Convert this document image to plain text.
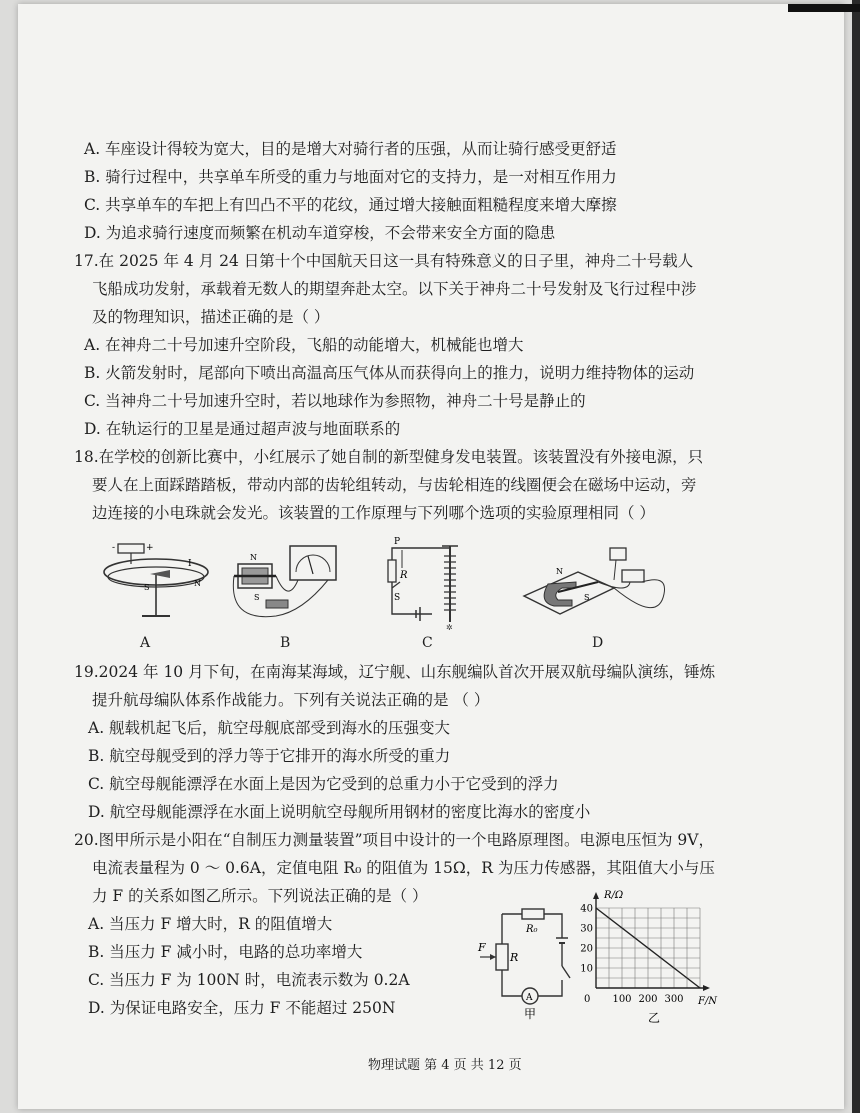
A. 车座设计得较为宽大，目的是增大对骑行者的压强，从而让骑行感受更舒适
B. 骑行过程中，共享单车所受的重力与地面对它的支持力，是一对相互作用力
C. 共享单车的车把上有凹凸不平的花纹，通过增大接触面粗糙程度来增大摩擦
D. 为追求骑行速度而频繁在机动车道穿梭，不会带来安全方面的隐患
17.在 2025 年 4 月 24 日第十个中国航天日这一具有特殊意义的日子里，神舟二十号载人
飞船成功发射，承载着无数人的期望奔赴太空。以下关于神舟二十号发射及飞行过程中涉
及的物理知识，描述正确的是（ ）
A. 在神舟二十号加速升空阶段，飞船的动能增大，机械能也增大
B. 火箭发射时，尾部向下喷出高温高压气体从而获得向上的推力，说明力维持物体的运动
C. 当神舟二十号加速升空时，若以地球作为参照物，神舟二十号是静止的
D. 在轨运行的卫星是通过超声波与地面联系的
18.在学校的创新比赛中，小红展示了她自制的新型健身发电装置。该装置没有外接电源，只
要人在上面踩踏踏板，带动内部的齿轮组转动，与齿轮相连的线圈便会在磁场中运动，旁
边连接的小电珠就会发光。该装置的工作原理与下列哪个选项的实验原理相同（ ）
-	+
I
S	N
N
S
✲
P
R
S
N
S
A	B	C	D
19.2024 年 10 月下旬，在南海某海域，辽宁舰、山东舰编队首次开展双航母编队演练，锤炼
提升航母编队体系作战能力。下列有关说法正确的是 （ ）
A. 舰载机起飞后，航空母舰底部受到海水的压强变大
B. 航空母舰受到的浮力等于它排开的海水所受的重力
C. 航空母舰能漂浮在水面上是因为它受到的总重力小于它受到的浮力
D. 航空母舰能漂浮在水面上说明航空母舰所用钢材的密度比海水的密度小
20.图甲所示是小阳在“自制压力测量装置”项目中设计的一个电路原理图。电源电压恒为 9V，
电流表量程为 0 ～ 0.6A，定值电阻 R₀ 的阻值为 15Ω，R 为压力传感器，其阻值大小与压
力 F 的关系如图乙所示。下列说法正确的是（ ）
A. 当压力 F 增大时，R 的阻值增大
B. 当压力 F 减小时，电路的总功率增大
C. 当压力 F 为 100N 时，电流表示数为 0.2A
D. 为保证电路安全，压力 F 不能超过 250N
R₀
R
F
A
甲
R/Ω
F/N
0 100 200 300
40
30
20
10
乙
物理试题 第 4 页 共 12 页
